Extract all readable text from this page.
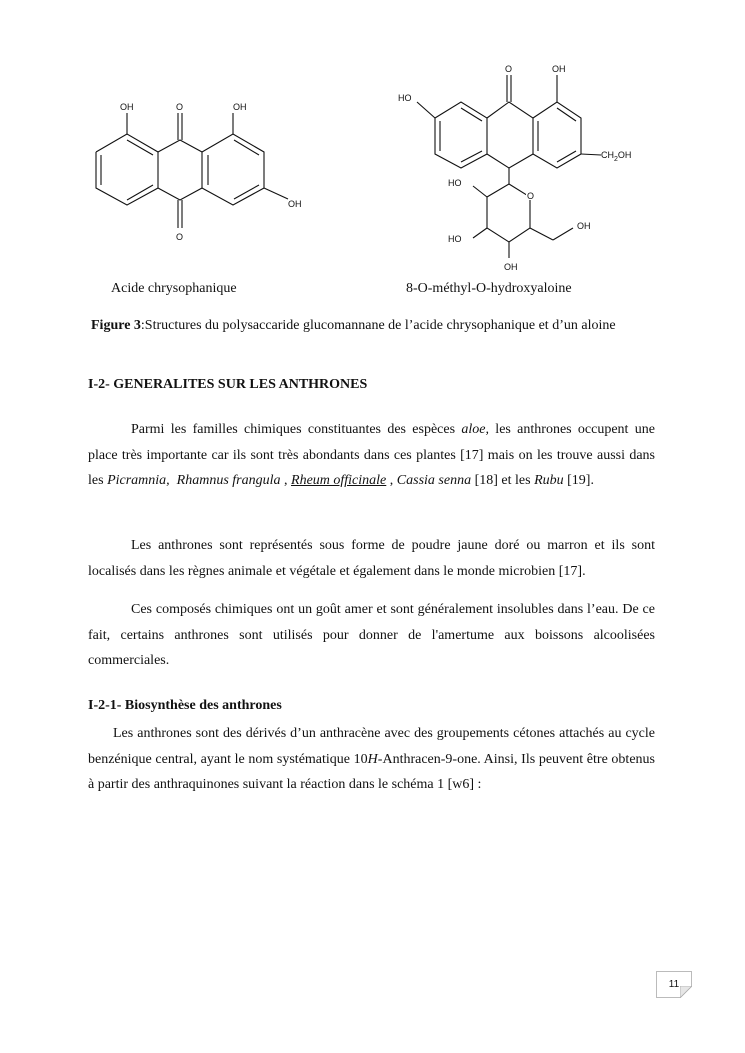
OH	O	OH
OH
O
O	OH
HO
$CH_2OH$
HO
O
OH
HO
OH
Acide chrysophanique	8-O-méthyl-O-hydroxyaloine
Figure 3:Structures du polysaccaride glucomannane de l’acide chrysophanique et d’un aloine

I-2- GENERALITES SUR LES ANTHRONES

Parmi les familles chimiques constituantes des espèces aloe, les anthrones occupent une place très importante car ils sont très abondants dans ces plantes [17] mais on les trouve aussi dans les Picramnia, Rhamnus frangula , Rheum officinale , Cassia senna [18] et les Rubu [19].

Les anthrones sont représentés sous forme de poudre jaune doré ou marron et ils sont localisés dans les règnes animale et végétale et également dans le monde microbien [17].

Ces composés chimiques ont un goût amer et sont généralement insolubles dans l’eau. De ce fait, certains anthrones sont utilisés pour donner de l'amertume aux boissons alcoolisées commerciales.

I-2-1- Biosynthèse des anthrones

Les anthrones sont des dérivés d’un anthracène avec des groupements cétones attachés au cycle benzénique central, ayant le nom systématique 10H-Anthracen-9-one. Ainsi, Ils peuvent être obtenus à partir des anthraquinones suivant la réaction dans le schéma 1 [w6] :

11
